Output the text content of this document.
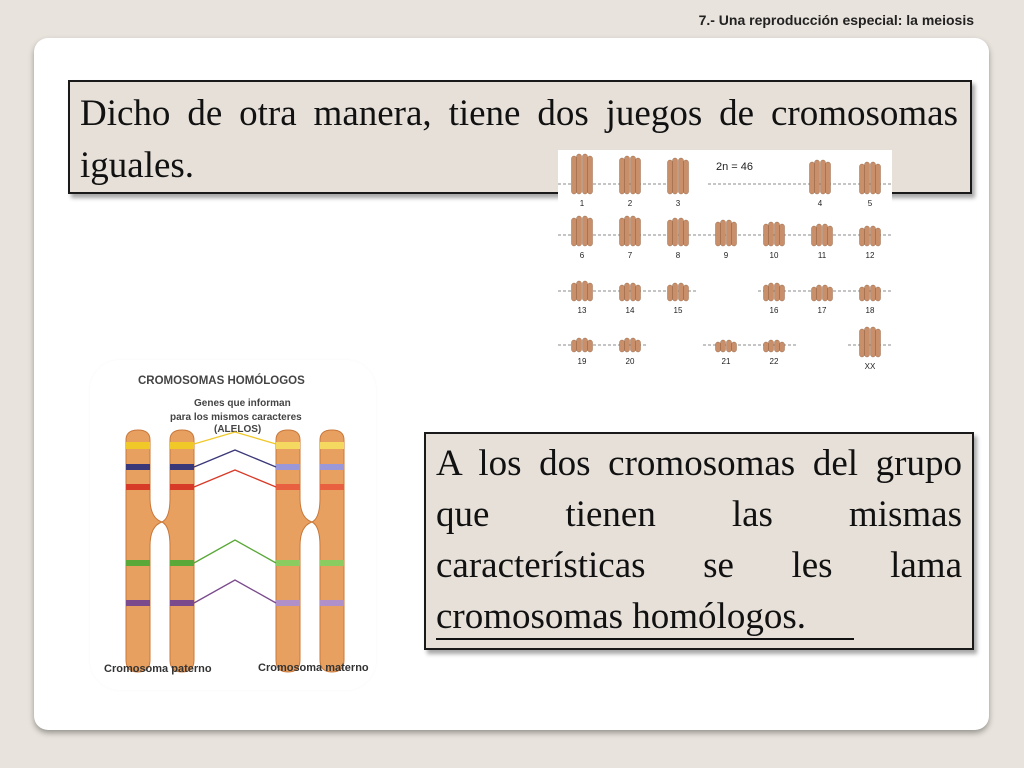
7.- Una reproducción especial: la meiosis
Dicho de otra manera, tiene dos juegos de cromosomas iguales.	2n = 46
1	2	3	4	5
6	7	8	9	10	11	12
13	14	15	16	17	18
19	20	21	22
XX
A los dos cromosomas del grupo que tienen las mismas características se les lama cromosomas homólogos.
CROMOSOMAS HOMÓLOGOS
Genes que informan
para los mismos caracteres
(ALELOS)
Cromosoma paterno	Cromosoma materno
